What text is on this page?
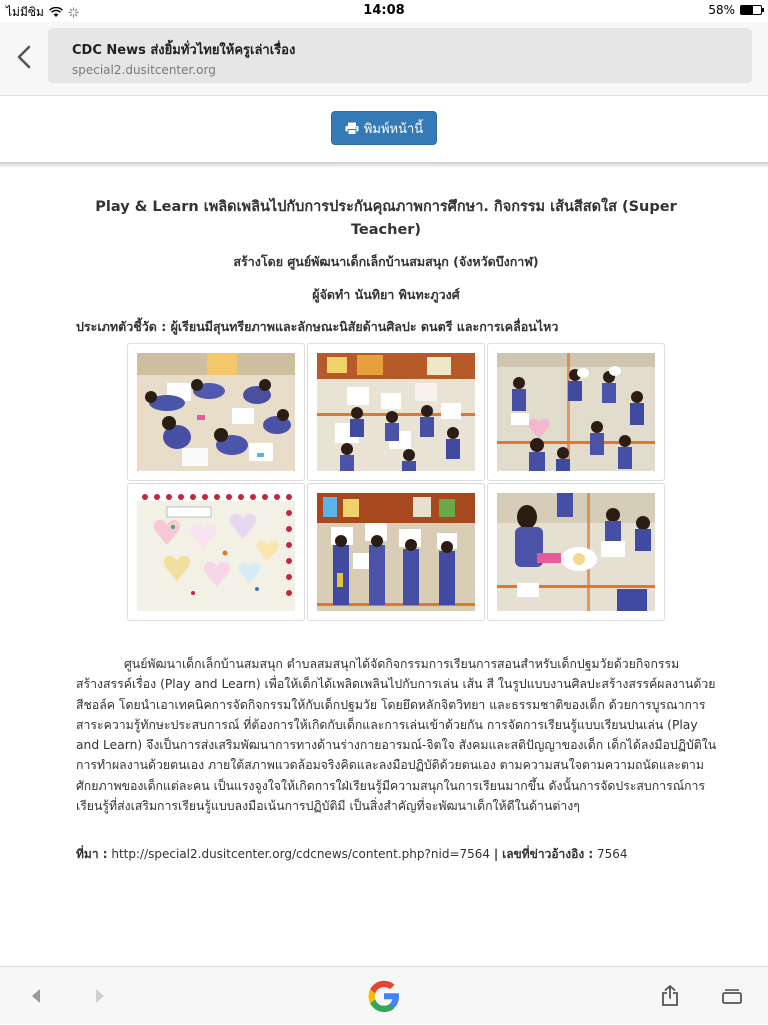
ไม่มีซิม	14:08	58%
CDC News ส่งยิ้มทั่วไทยให้ครูเล่าเรื่อง
special2.dusitcenter.org
พิมพ์หน้านี้
Play & Learn เพลิดเพลินไปกับการประกันคุณภาพการศึกษา. กิจกรรม เส้นสีสดใส (Super Teacher)
สร้างโดย ศูนย์พัฒนาเด็กเล็กบ้านสมสนุก (จังหวัดบึงกาฬ)
ผู้จัดทำ นันทิยา พินทะภูวงศ์
ประเภทตัวชี้วัด : ผู้เรียนมีสุนทรียภาพและลักษณะนิสัยด้านศิลปะ ดนตรี และการเคลื่อนไหว
ศูนย์พัฒนาเด็กเล็กบ้านสมสนุก ตำบลสมสนุกได้จัดกิจกรรมการเรียนการสอนสำหรับเด็กปฐมวัยด้วยกิจกรรมสร้างสรรค์เรื่อง (Play and Learn) เพื่อให้เด็กได้เพลิดเพลินไปกับการเล่น เส้น สี ในรูปแบบงานศิลปะสร้างสรรค์ผลงานด้วยสีชอล์ค โดยนำเอาเทคนิคการจัดกิจกรรมให้กับเด็กปฐมวัย โดยยึดหลักจิตวิทยา และธรรมชาติของเด็ก ด้วยการบูรณาการสาระความรู้ทักษะประสบการณ์ ที่ต้องการให้เกิดกับเด็กและการเล่นเข้าด้วยกัน การจัดการเรียนรู้แบบเรียนปนเล่น (Play and Learn) จึงเป็นการส่งเสริมพัฒนาการทางด้านร่างกายอารมณ์-จิตใจ สังคมและสติปัญญาของเด็ก เด็กได้ลงมือปฏิบัติในการทำผลงานด้วยตนเอง ภายใต้สภาพแวดล้อมจริงคิดและลงมือปฏิบัติด้วยตนเอง ตามความสนใจตามความถนัดและตามศักยภาพของเด็กแต่ละคน เป็นแรงจูงใจให้เกิดการใฝ่เรียนรู้มีความสนุกในการเรียนมากขึ้น ดังนั้นการจัดประสบการณ์การเรียนรู้ที่ส่งเสริมการเรียนรู้แบบลงมือเน้นการปฏิบัติมี เป็นสิ่งสำคัญที่จะพัฒนาเด็กให้ดีในด้านต่างๆ
ที่มา : http://special2.dusitcenter.org/cdcnews/content.php?nid=7564 | เลขที่ข่าวอ้างอิง : 7564
